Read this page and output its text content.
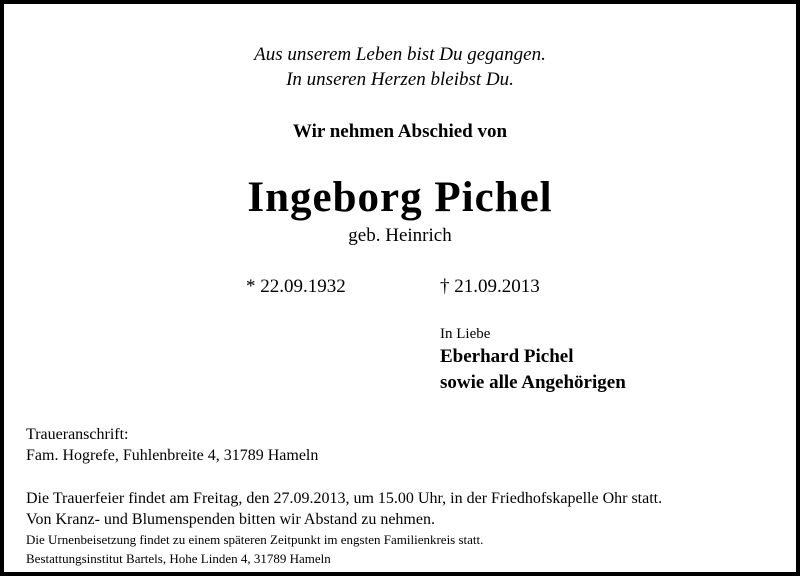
Aus unserem Leben bist Du gegangen.
In unseren Herzen bleibst Du.
Wir nehmen Abschied von
Ingeborg Pichel
geb. Heinrich
* 22.09.1932	† 21.09.2013
In Liebe
Eberhard Pichel
sowie alle Angehörigen
Traueranschrift:
Fam. Hogrefe, Fuhlenbreite 4, 31789 Hameln
Die Trauerfeier findet am Freitag, den 27.09.2013, um 15.00 Uhr, in der Friedhofskapelle Ohr statt.
Von Kranz- und Blumenspenden bitten wir Abstand zu nehmen.
Die Urnenbeisetzung findet zu einem späteren Zeitpunkt im engsten Familienkreis statt.
Bestattungsinstitut Bartels, Hohe Linden 4, 31789 Hameln
